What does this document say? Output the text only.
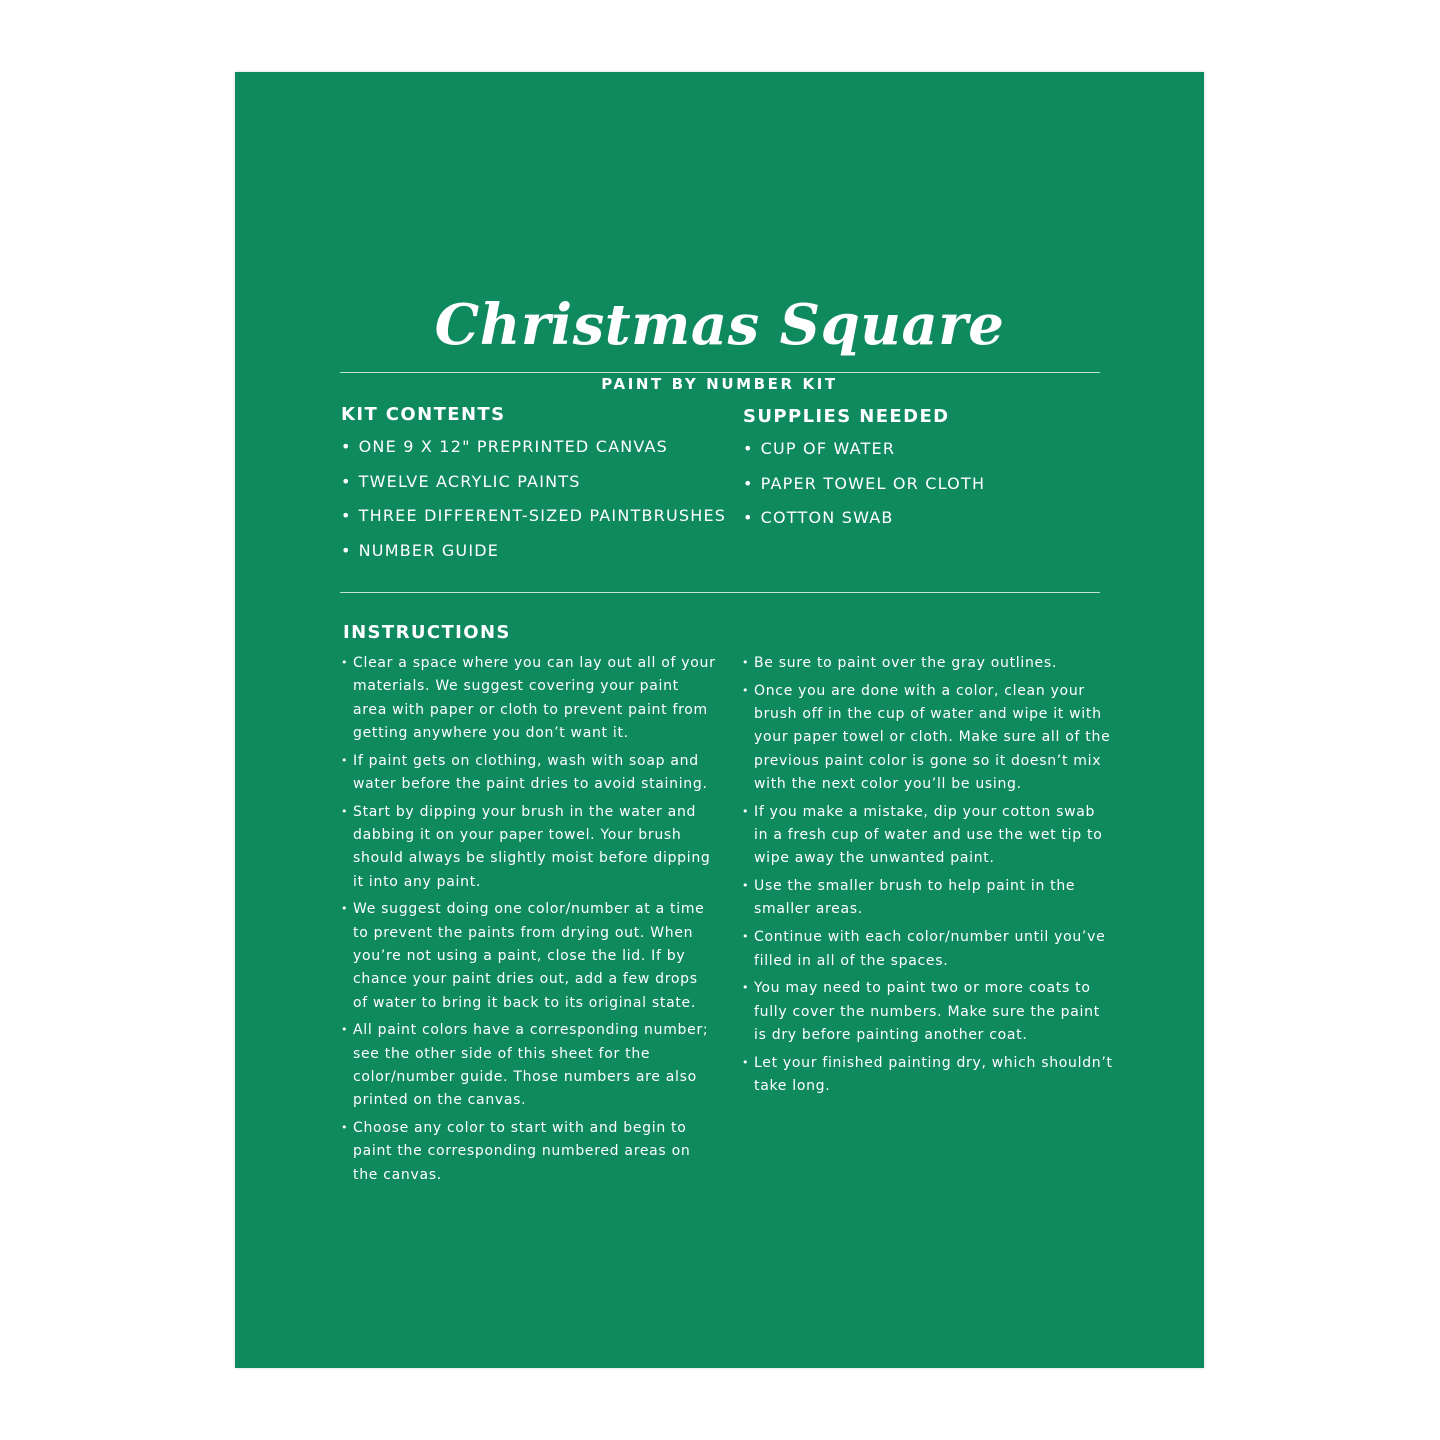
Christmas Square

PAINT BY NUMBER KIT

KIT CONTENTS
• ONE 9 X 12" PREPRINTED CANVAS
• TWELVE ACRYLIC PAINTS
• THREE DIFFERENT-SIZED PAINTBRUSHES
• NUMBER GUIDE
SUPPLIES NEEDED
• CUP OF WATER
• PAPER TOWEL OR CLOTH
• COTTON SWAB
INSTRUCTIONS
• Clear a space where you can lay out all of your materials. We suggest covering your paint area with paper or cloth to prevent paint from getting anywhere you don’t want it.
• If paint gets on clothing, wash with soap and water before the paint dries to avoid staining.
• Start by dipping your brush in the water and dabbing it on your paper towel. Your brush should always be slightly moist before dipping it into any paint.
• We suggest doing one color/number at a time to prevent the paints from drying out. When you’re not using a paint, close the lid. If by chance your paint dries out, add a few drops of water to bring it back to its original state.
• All paint colors have a corresponding number; see the other side of this sheet for the color/number guide. Those numbers are also printed on the canvas.
• Choose any color to start with and begin to paint the corresponding numbered areas on the canvas.
• Be sure to paint over the gray outlines.
• Once you are done with a color, clean your brush off in the cup of water and wipe it with your paper towel or cloth. Make sure all of the previous paint color is gone so it doesn’t mix with the next color you’ll be using.
• If you make a mistake, dip your cotton swab in a fresh cup of water and use the wet tip to wipe away the unwanted paint.
• Use the smaller brush to help paint in the smaller areas.
• Continue with each color/number until you’ve filled in all of the spaces.
• You may need to paint two or more coats to fully cover the numbers. Make sure the paint is dry before painting another coat.
• Let your finished painting dry, which shouldn’t take long.
